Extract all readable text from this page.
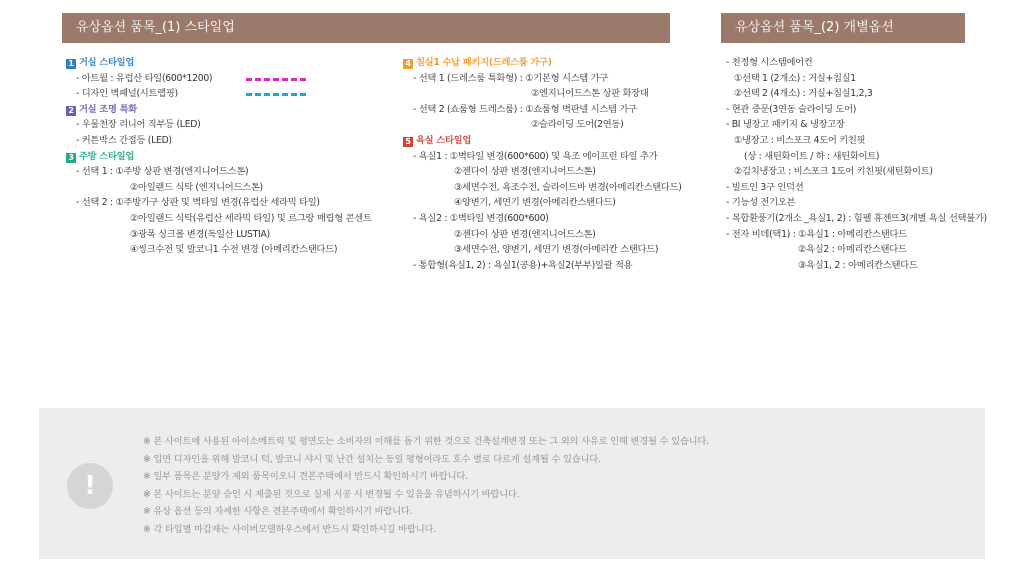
유상옵션 품목_(1) 스타일업	유상옵션 품목_(2) 개별옵션
1 거실 스타일업
- 아트월 : 유럽산 타일(600*1200)
- 디자인 벽패널(시트랩핑)
2 거실 조명 특화
- 우물천장 리니어 직부등 (LED)
- 커튼박스 간접등 (LED)
3 주방 스타일업
- 선택 1 : ①주방 상판 변경(엔지니어드스톤)
②아일랜드 식탁 (엔지니어드스톤)
- 선택 2 : ①주방가구 상판 및 벽타일 변경(유럽산 세라믹 타일)
②아일랜드 식탁(유럽산 세라믹 타일) 및 르그랑 매립형 콘센트
③광폭 싱크볼 변경(독일산 LUSTIA)
④씽크수전 및 발코니1 수전 변경 (아메리칸스탠다드)
4 침실1 수납 패키지(드레스룸 가구)
- 선택 1 (드레스룸 특화형) : ①기본형 시스템 가구
②엔지니어드스톤 상판 화장대
- 선택 2 (쇼룸형 드레스룸) : ①쇼룸형 벽판넬 시스템 가구
②슬라이딩 도어(2연동)
5 욕실 스타일업
- 욕실1 : ①벽타일 변경(600*600) 및 욕조 에이프런 타일 추가
②젠다이 상판 변경(엔지니어드스톤)
③세면수전, 욕조수전, 슬라이드바 변경(아메리칸스탠다드)
④양변기, 세면기 변경(아메리칸스탠다드)
- 욕실2 : ①벽타일 변경(600*600)
②젠다이 상판 변경(엔지니어드스톤)
③세면수전, 양변기, 세면기 변경(아메리칸 스탠다드)
- 통합형(욕실1, 2) : 욕실1(공용)+욕실2(부부)일괄 적용
- 천정형 시스템에어컨
①선택 1 (2개소) : 거실+침실1
②선택 2 (4개소) : 거실+침실1,2,3
- 현관 중문(3연동 슬라이딩 도어)
- BI 냉장고 패키지 & 냉장고장
①냉장고 : 비스포크 4도어 키친핏
(상 : 새틴화이트 / 하 : 새틴화이트)
②김치냉장고 : 비스포크 1도어 키친핏(새틴화이트)
- 빌트인 3구 인덕션
- 기능성 전기오븐
- 복합환풍기(2개소 _욕실1, 2) : 힘펠 휴젠뜨3(개별 욕실 선택불가)
- 전자 비데(택1) : ①욕실1 : 아메리칸스탠다드
②욕실2 : 아메리칸스탠다드
③욕실1, 2 : 아메리칸스탠다드
!
※ 본 사이트에 사용된 아이소메트릭 및 평면도는 소비자의 이해를 돕기 위한 것으로 건축설계변경 또는 그 외의 사유로 인해 변경될 수 있습니다.
※ 입면 디자인을 위해 발코니 턱, 발코니 샤시 및 난간 설치는 동일 평형이라도 호수 별로 다르게 설계될 수 있습니다.
※ 일부 품목은 분양가 제외 품목이오니 견본주택에서 반드시 확인하시기 바랍니다.
※ 본 사이트는 분양 승인 시 제출된 것으로 실제 시공 시 변경될 수 있음을 유념하시기 바랍니다.
※ 유상 옵션 등의 자세한 사항은 견본주택에서 확인하시기 바랍니다.
※ 각 타입별 마감재는 사이버모델하우스에서 반드시 확인하시길 바랍니다.
